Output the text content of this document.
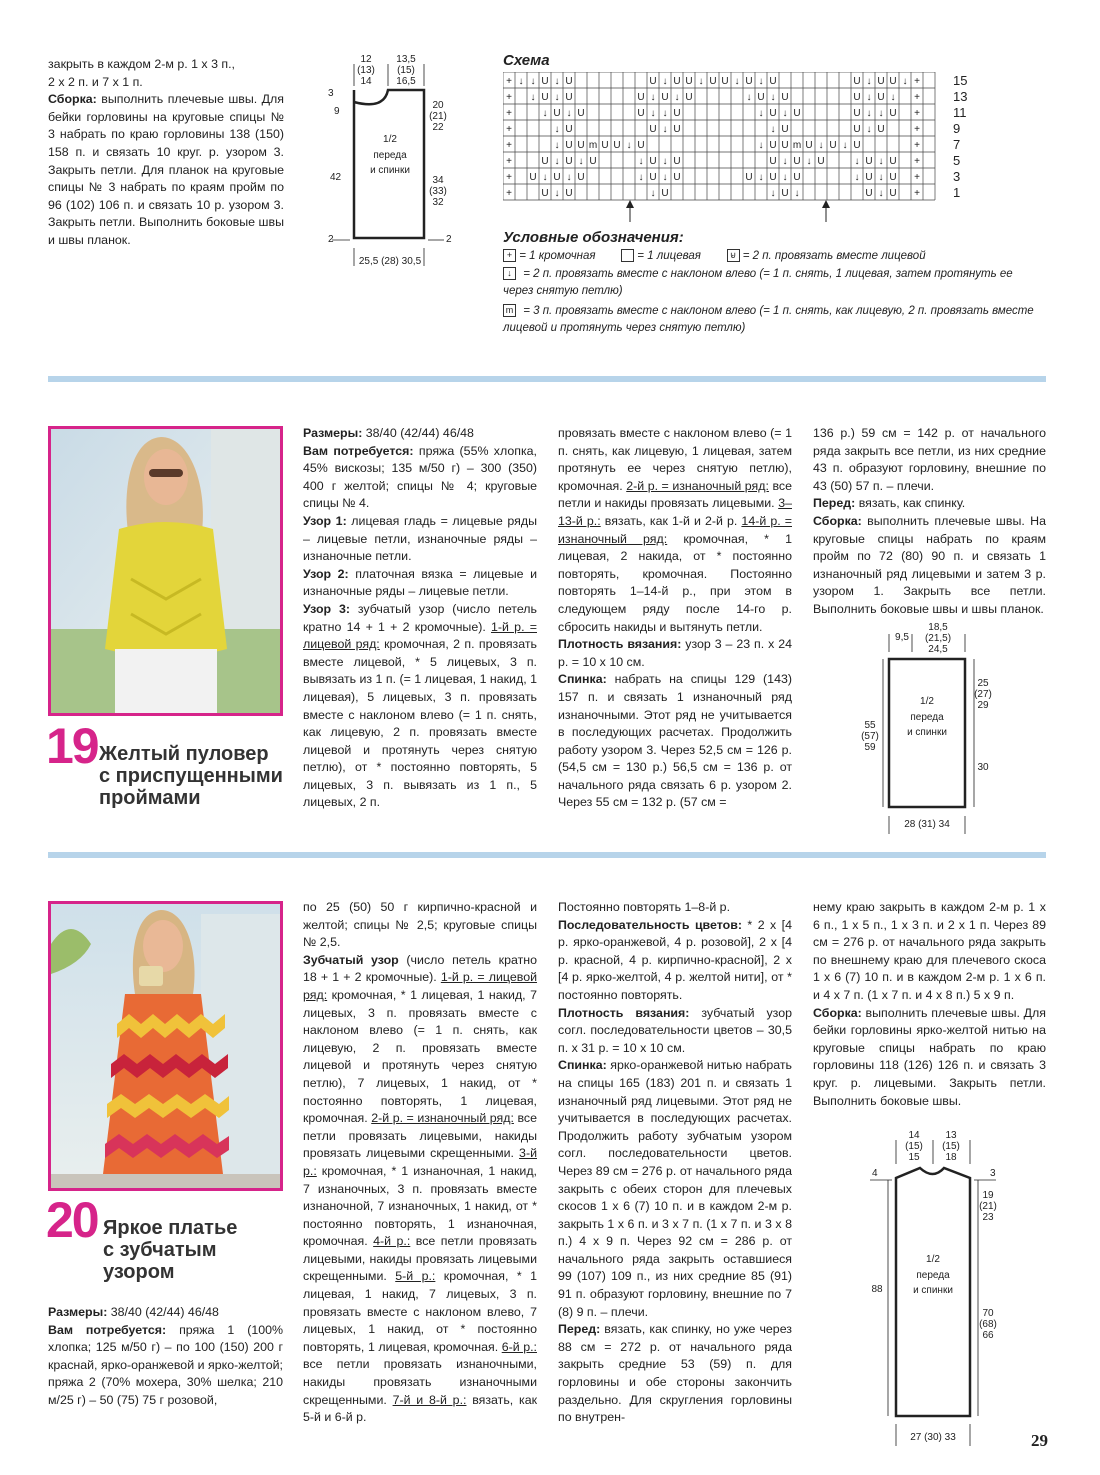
закрыть в каждом 2-м р. 1 х 3 п.,

2 х 2 п. и 7 х 1 п.

Сборка: выполнить плечевые швы. Для бейки горловины на круговые спицы № 3 набрать по краю горловины 138 (150) 158 п. и связать 10 круг. р. узором 3. Закрыть петли. Для планок на круговые спицы № 3 набрать по краям пройм по 96 (102) 106 п. и связать 10 р. узором 3. Закрыть петли. Выполнить боковые швы и швы планок.

12
(13)
14
13,5
(15)
16,5
3
9
42
2
20
(21)
22
34
(33)
32
2
1/2
переда
и спинки
25,5 (28) 30,5
Схема
+ ↓ ↓ U ↓ U	U ↓ U U ↓ U U ↓ U ↓ U	U ↓ U U ↓ +
+ ↓ U ↓ U	U ↓ U ↓ U	↓ U ↓ U	U ↓ U ↓ +
+	↓ U ↓ U	U ↓ ↓ U	↓ U ↓ U	U ↓ ↓ U +
+	↓ U	U ↓ U	↓ U	U ↓ U	+
+	↓ U U m U U ↓ U	↓ U U m U ↓ U ↓ U	+
+	U ↓ U ↓ U	↓ U ↓ U	U ↓ U ↓ U	↓ U ↓ U +
+ U ↓ U ↓ U	↓ U ↓ U	U ↓ U ↓ U	↓ U ↓ U +
+	U ↓ U	↓ U	↓ U ↓	U ↓ U +
15
13
11
9
7
5
3
1
Условные обозначения:
+ = 1 кромочная	= 1 лицевая	⊌ = 2 п. провязать вместе лицевой
↓ = 2 п. провязать вместе с наклоном влево (= 1 п. снять, 1 лицевая, затем протянуть ее через снятую петлю)
m = 3 п. провязать вместе с наклоном влево (= 1 п. снять, как лицевую, 2 п. провязать вместе лицевой и протянуть через снятую петлю)
19 Желтый пуловер
с приспущенными
проймами

Размеры: 38/40 (42/44) 46/48
Вам потребуется: пряжа (55% хлопка, 45% вискозы; 135 м/50 г) – 300 (350) 400 г желтой; спицы № 4; круговые спицы № 4.
Узор 1: лицевая гладь = лицевые ряды – лицевые петли, изнаночные ряды – изнаночные петли.
Узор 2: платочная вязка = лицевые и изнаночные ряды – лицевые петли.
Узор 3: зубчатый узор (число петель кратно 14 + 1 + 2 кромочные). 1-й р. = лицевой ряд: кромочная, 2 п. провязать вместе лицевой, * 5 лицевых, 3 п. вывязать из 1 п. (= 1 лицевая, 1 накид, 1 лицевая), 5 лицевых, 3 п. провязать вместе с наклоном влево (= 1 п. снять, как лицевую, 2 п. провязать вместе лицевой и протянуть через снятую петлю), от * постоянно повторять, 5 лицевых, 3 п. вывязать из 1 п., 5 лицевых, 2 п.

провязать вместе с наклоном влево (= 1 п. снять, как лицевую, 1 лицевая, затем протянуть ее через снятую петлю), кромочная. 2-й р. = изнаночный ряд: все петли и накиды провязать лицевыми. 3–13-й р.: вязать, как 1-й и 2-й р. 14-й р. = изнаночный ряд: кромочная, * 1 лицевая, 2 накида, от * постоянно повторять, кромочная. Постоянно повторять 1–14-й р., при этом в следующем ряду после 14-го р. сбросить накиды и вытянуть петли.
Плотность вязания: узор 3 – 23 п. х 24 р. = 10 х 10 см.
Спинка: набрать на спицы 129 (143) 157 п. и связать 1 изнаночный ряд изнаночными. Этот ряд не учитывается в последующих расчетах. Продолжить работу узором 3. Через 52,5 см = 126 р. (54,5 см = 130 р.) 56,5 см = 136 р. от начального ряда связать 6 р. узором 2. Через 55 см = 132 р. (57 см =

136 р.) 59 см = 142 р. от начального ряда закрыть все петли, из них средние 43 п. образуют горловину, внешние по 43 (50) 57 п. – плечи.
Перед: вязать, как спинку.
Сборка: выполнить плечевые швы. На круговые спицы набрать по краям пройм по 72 (80) 90 п. и связать 1 изнаночный ряд лицевыми и затем 3 р. узором 1. Закрыть все петли. Выполнить боковые швы и швы планок.

18,5
(21,5)
24,5
9,5
55
(57)
59
25
(27)
29
30
1/2
переда
и спинки
28 (31) 34
20 Яркое платье
с зубчатым
узором

Размеры: 38/40 (42/44) 46/48
Вам потребуется: пряжа 1 (100% хлопка; 125 м/50 г) – по 100 (150) 200 г краснай, ярко-оранжевой и ярко-желтой; пряжа 2 (70% мохера, 30% шелка; 210 м/25 г) – 50 (75) 75 г розовой,

по 25 (50) 50 г кирпично-красной и желтой; спицы № 2,5; круговые спицы № 2,5.
Зубчатый узор (число петель кратно 18 + 1 + 2 кромочные). 1-й р. = лицевой ряд: кромочная, * 1 лицевая, 1 накид, 7 лицевых, 3 п. провязать вместе с наклоном влево (= 1 п. снять, как лицевую, 2 п. провязать вместе лицевой и протянуть через снятую петлю), 7 лицевых, 1 накид, от * постоянно повторять, 1 лицевая, кромочная. 2-й р. = изнаночный ряд: все петли провязать лицевыми, накиды провязать лицевыми скрещенными. 3-й р.: кромочная, * 1 изнаночная, 1 накид, 7 изнаночных, 3 п. провязать вместе изнаночной, 7 изнаночных, 1 накид, от * постоянно повторять, 1 изнаночная, кромочная. 4-й р.: все петли провязать лицевыми, накиды провязать лицевыми скрещенными. 5-й р.: кромочная, * 1 лицевая, 1 накид, 7 лицевых, 3 п. провязать вместе с наклоном влево, 7 лицевых, 1 накид, от * постоянно повторять, 1 лицевая, кромочная. 6-й р.: все петли провязать изнаночными, накиды провязать изнаночными скрещенными. 7-й и 8-й р.: вязать, как 5-й и 6-й р.

Постоянно повторять 1–8-й р.
Последовательность цветов: * 2 х [4 р. ярко-оранжевой, 4 р. розовой], 2 х [4 р. красной, 4 р. кирпично-красной], 2 х [4 р. ярко-желтой, 4 р. желтой нити], от * постоянно повторять.
Плотность вязания: зубчатый узор согл. последовательности цветов – 30,5 п. х 31 р. = 10 х 10 см.
Спинка: ярко-оранжевой нитью набрать на спицы 165 (183) 201 п. и связать 1 изнаночный ряд лицевыми. Этот ряд не учитывается в последующих расчетах. Продолжить работу зубчатым узором согл. последовательности цветов. Через 89 см = 276 р. от начального ряда закрыть с обеих сторон для плечевых скосов 1 х 6 (7) 10 п. и в каждом 2-м р. закрыть 1 х 6 п. и 3 х 7 п. (1 х 7 п. и 3 х 8 п.) 4 х 9 п. Через 92 см = 286 р. от начального ряда закрыть оставшиеся 99 (107) 109 п., из них средние 85 (91) 91 п. образуют горловину, внешние по 7 (8) 9 п. – плечи.
Перед: вязать, как спинку, но уже через 88 см = 272 р. от начального ряда закрыть средние 53 (59) п. для горловины и обе стороны закончить раздельно. Для скругления горловины по внутрен-

нему краю закрыть в каждом 2-м р. 1 х 6 п., 1 х 5 п., 1 х 3 п. и 2 х 1 п. Через 89 см = 276 р. от начального ряда закрыть по внешнему краю для плечевого скоса 1 х 6 (7) 10 п. и в каждом 2-м р. 1 х 6 п. и 4 х 7 п. (1 х 7 п. и 4 х 8 п.) 5 х 9 п.
Сборка: выполнить плечевые швы. Для бейки горловины ярко-желтой нитью на круговые спицы набрать по краю горловины 118 (126) 126 п. и связать 3 круг. р. лицевыми. Закрыть петли. Выполнить боковые швы.

14
(15)
15
13
(15)
18
4
88
3
19
(21)
23
70
(68)
66
1/2
переда
и спинки
27 (30) 33	29
